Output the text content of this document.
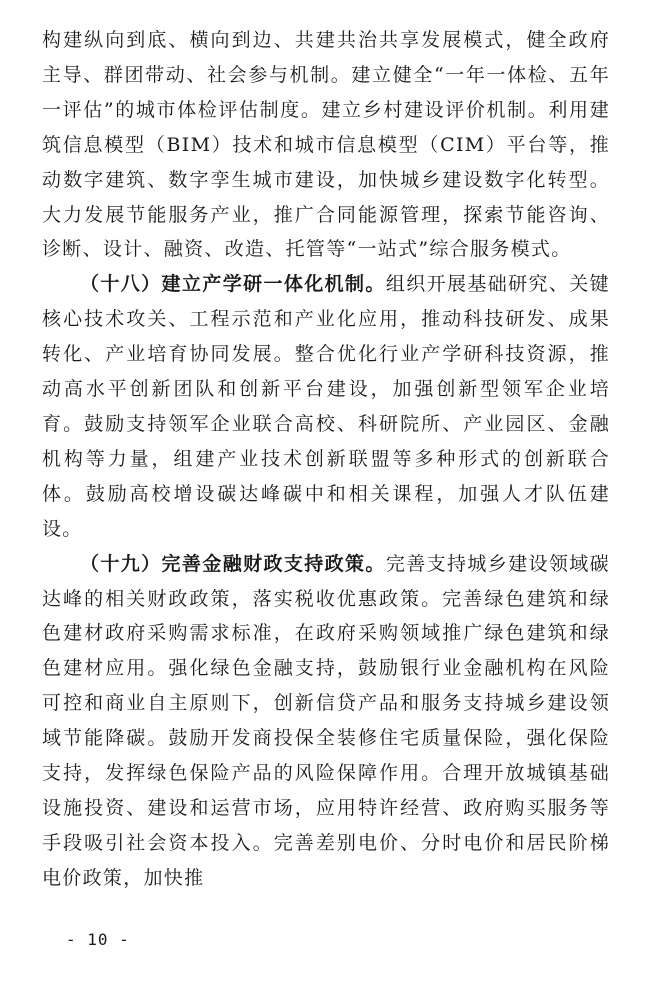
构建纵向到底、横向到边、共建共治共享发展模式，健全政府主导、群团带动、社会参与机制。建立健全“一年一体检、五年一评估”的城市体检评估制度。建立乡村建设评价机制。利用建筑信息模型（BIM）技术和城市信息模型（CIM）平台等，推动数字建筑、数字孪生城市建设，加快城乡建设数字化转型。大力发展节能服务产业，推广合同能源管理，探索节能咨询、诊断、设计、融资、改造、托管等“一站式”综合服务模式。

（十八）建立产学研一体化机制。组织开展基础研究、关键核心技术攻关、工程示范和产业化应用，推动科技研发、成果转化、产业培育协同发展。整合优化行业产学研科技资源，推动高水平创新团队和创新平台建设，加强创新型领军企业培育。鼓励支持领军企业联合高校、科研院所、产业园区、金融机构等力量，组建产业技术创新联盟等多种形式的创新联合体。鼓励高校增设碳达峰碳中和相关课程，加强人才队伍建设。

（十九）完善金融财政支持政策。完善支持城乡建设领域碳达峰的相关财政政策，落实税收优惠政策。完善绿色建筑和绿色建材政府采购需求标准，在政府采购领域推广绿色建筑和绿色建材应用。强化绿色金融支持，鼓励银行业金融机构在风险可控和商业自主原则下，创新信贷产品和服务支持城乡建设领域节能降碳。鼓励开发商投保全装修住宅质量保险，强化保险支持，发挥绿色保险产品的风险保障作用。合理开放城镇基础设施投资、建设和运营市场，应用特许经营、政府购买服务等手段吸引社会资本投入。完善差别电价、分时电价和居民阶梯电价政策，加快推

- 10 -
